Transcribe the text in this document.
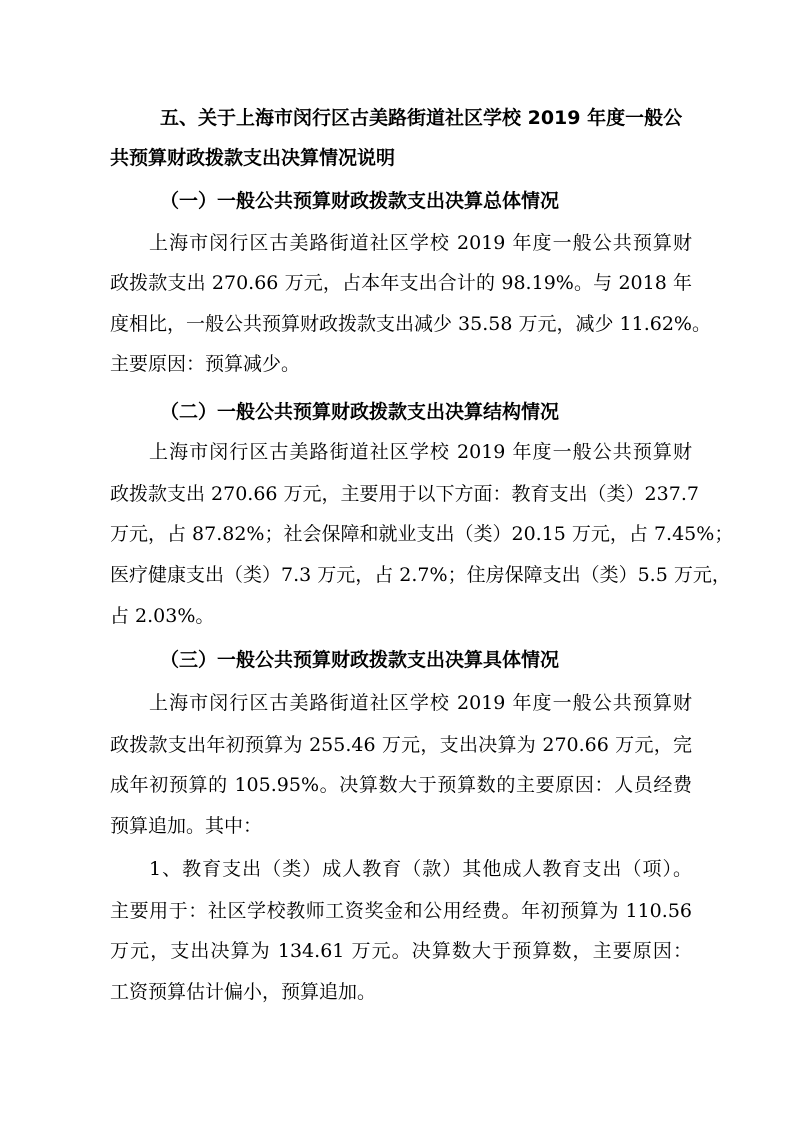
五、关于上海市闵行区古美路街道社区学校 2019 年度一般公
共预算财政拨款支出决算情况说明
（一）一般公共预算财政拨款支出决算总体情况

上海市闵行区古美路街道社区学校 2019 年度一般公共预算财

政拨款支出 270.66 万元，占本年支出合计的 98.19%。与 2018 年

度相比，一般公共预算财政拨款支出减少 35.58 万元，减少 11.62%。

主要原因：预算减少。

（二）一般公共预算财政拨款支出决算结构情况

上海市闵行区古美路街道社区学校 2019 年度一般公共预算财

政拨款支出 270.66 万元，主要用于以下方面：教育支出（类）237.7

万元，占 87.82%；社会保障和就业支出（类）20.15 万元，占 7.45%；

医疗健康支出（类）7.3 万元，占 2.7%；住房保障支出（类）5.5 万元，

占 2.03%。

（三）一般公共预算财政拨款支出决算具体情况

上海市闵行区古美路街道社区学校 2019 年度一般公共预算财

政拨款支出年初预算为 255.46 万元，支出决算为 270.66 万元，完

成年初预算的 105.95%。决算数大于预算数的主要原因：人员经费

预算追加。其中：

1、教育支出（类）成人教育（款）其他成人教育支出（项）。

主要用于：社区学校教师工资奖金和公用经费。年初预算为 110.56

万元，支出决算为 134.61 万元。决算数大于预算数，主要原因：

工资预算估计偏小，预算追加。
